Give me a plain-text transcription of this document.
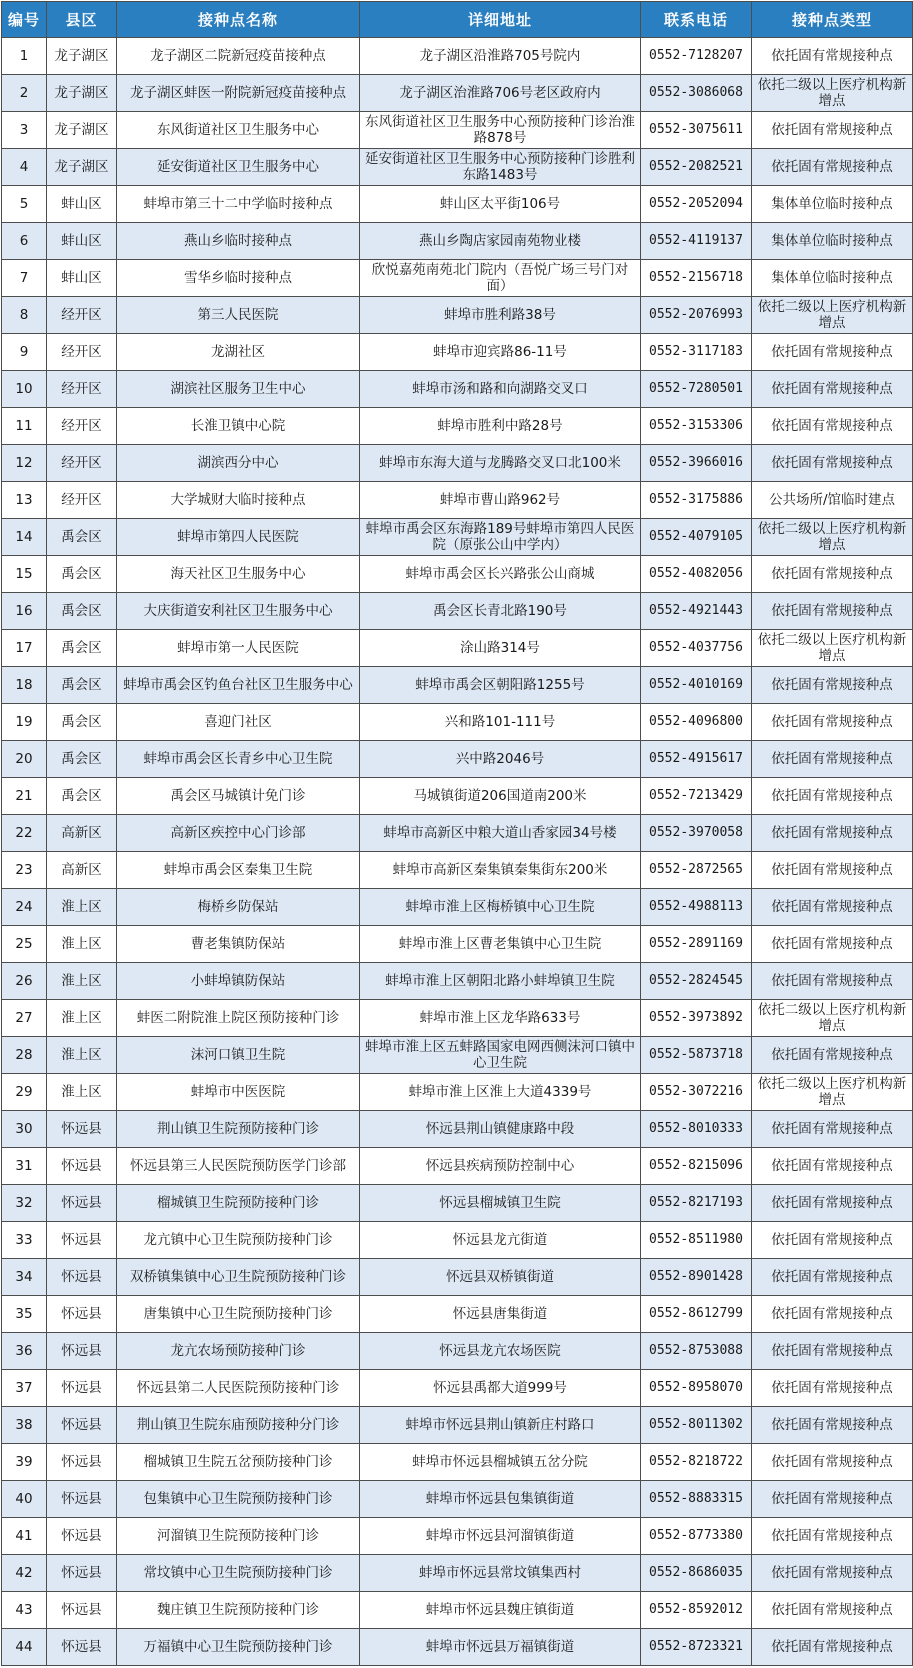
编号	县区	接种点名称	详细地址	联系电话	接种点类型
1	龙子湖区	龙子湖区二院新冠疫苗接种点	龙子湖区沿淮路705号院内	0552-7128207	依托固有常规接种点
2	龙子湖区	龙子湖区蚌医一附院新冠疫苗接种点	龙子湖区治淮路706号老区政府内	0552-3086068	依托二级以上医疗机构新增点
3	龙子湖区	东风街道社区卫生服务中心	东风街道社区卫生服务中心预防接种门诊治淮路878号	0552-3075611	依托固有常规接种点
4	龙子湖区	延安街道社区卫生服务中心	延安街道社区卫生服务中心预防接种门诊胜利东路1483号	0552-2082521	依托固有常规接种点
5	蚌山区	蚌埠市第三十二中学临时接种点	蚌山区太平街106号	0552-2052094	集体单位临时接种点
6	蚌山区	燕山乡临时接种点	燕山乡陶店家园南苑物业楼	0552-4119137	集体单位临时接种点
7	蚌山区	雪华乡临时接种点	欣悦嘉苑南苑北门院内（吾悦广场三号门对面）	0552-2156718	集体单位临时接种点
8	经开区	第三人民医院	蚌埠市胜利路38号	0552-2076993	依托二级以上医疗机构新增点
9	经开区	龙湖社区	蚌埠市迎宾路86-11号	0552-3117183	依托固有常规接种点
10	经开区	湖滨社区服务卫生中心	蚌埠市汤和路和向湖路交叉口	0552-7280501	依托固有常规接种点
11	经开区	长淮卫镇中心院	蚌埠市胜利中路28号	0552-3153306	依托固有常规接种点
12	经开区	湖滨西分中心	蚌埠市东海大道与龙腾路交叉口北100米	0552-3966016	依托固有常规接种点
13	经开区	大学城财大临时接种点	蚌埠市曹山路962号	0552-3175886	公共场所/馆临时建点
14	禹会区	蚌埠市第四人民医院	蚌埠市禹会区东海路189号蚌埠市第四人民医院（原张公山中学内）	0552-4079105	依托二级以上医疗机构新增点
15	禹会区	海天社区卫生服务中心	蚌埠市禹会区长兴路张公山商城	0552-4082056	依托固有常规接种点
16	禹会区	大庆街道安利社区卫生服务中心	禹会区长青北路190号	0552-4921443	依托固有常规接种点
17	禹会区	蚌埠市第一人民医院	涂山路314号	0552-4037756	依托二级以上医疗机构新增点
18	禹会区	蚌埠市禹会区钓鱼台社区卫生服务中心	蚌埠市禹会区朝阳路1255号	0552-4010169	依托固有常规接种点
19	禹会区	喜迎门社区	兴和路101-111号	0552-4096800	依托固有常规接种点
20	禹会区	蚌埠市禹会区长青乡中心卫生院	兴中路2046号	0552-4915617	依托固有常规接种点
21	禹会区	禹会区马城镇计免门诊	马城镇街道206国道南200米	0552-7213429	依托固有常规接种点
22	高新区	高新区疾控中心门诊部	蚌埠市高新区中粮大道山香家园34号楼	0552-3970058	依托固有常规接种点
23	高新区	蚌埠市禹会区秦集卫生院	蚌埠市高新区秦集镇秦集街东200米	0552-2872565	依托固有常规接种点
24	淮上区	梅桥乡防保站	蚌埠市淮上区梅桥镇中心卫生院	0552-4988113	依托固有常规接种点
25	淮上区	曹老集镇防保站	蚌埠市淮上区曹老集镇中心卫生院	0552-2891169	依托固有常规接种点
26	淮上区	小蚌埠镇防保站	蚌埠市淮上区朝阳北路小蚌埠镇卫生院	0552-2824545	依托固有常规接种点
27	淮上区	蚌医二附院淮上院区预防接种门诊	蚌埠市淮上区龙华路633号	0552-3973892	依托二级以上医疗机构新增点
28	淮上区	沫河口镇卫生院	蚌埠市淮上区五蚌路国家电网西侧沫河口镇中心卫生院	0552-5873718	依托固有常规接种点
29	淮上区	蚌埠市中医医院	蚌埠市淮上区淮上大道4339号	0552-3072216	依托二级以上医疗机构新增点
30	怀远县	荆山镇卫生院预防接种门诊	怀远县荆山镇健康路中段	0552-8010333	依托固有常规接种点
31	怀远县	怀远县第三人民医院预防医学门诊部	怀远县疾病预防控制中心	0552-8215096	依托固有常规接种点
32	怀远县	榴城镇卫生院预防接种门诊	怀远县榴城镇卫生院	0552-8217193	依托固有常规接种点
33	怀远县	龙亢镇中心卫生院预防接种门诊	怀远县龙亢街道	0552-8511980	依托固有常规接种点
34	怀远县	双桥镇集镇中心卫生院预防接种门诊	怀远县双桥镇街道	0552-8901428	依托固有常规接种点
35	怀远县	唐集镇中心卫生院预防接种门诊	怀远县唐集街道	0552-8612799	依托固有常规接种点
36	怀远县	龙亢农场预防接种门诊	怀远县龙亢农场医院	0552-8753088	依托固有常规接种点
37	怀远县	怀远县第二人民医院预防接种门诊	怀远县禹都大道999号	0552-8958070	依托固有常规接种点
38	怀远县	荆山镇卫生院东庙预防接种分门诊	蚌埠市怀远县荆山镇新庄村路口	0552-8011302	依托固有常规接种点
39	怀远县	榴城镇卫生院五岔预防接种门诊	蚌埠市怀远县榴城镇五岔分院	0552-8218722	依托固有常规接种点
40	怀远县	包集镇中心卫生院预防接种门诊	蚌埠市怀远县包集镇街道	0552-8883315	依托固有常规接种点
41	怀远县	河溜镇卫生院预防接种门诊	蚌埠市怀远县河溜镇街道	0552-8773380	依托固有常规接种点
42	怀远县	常坟镇中心卫生院预防接种门诊	蚌埠市怀远县常坟镇集西村	0552-8686035	依托固有常规接种点
43	怀远县	魏庄镇卫生院预防接种门诊	蚌埠市怀远县魏庄镇街道	0552-8592012	依托固有常规接种点
44	怀远县	万福镇中心卫生院预防接种门诊	蚌埠市怀远县万福镇街道	0552-8723321	依托固有常规接种点
